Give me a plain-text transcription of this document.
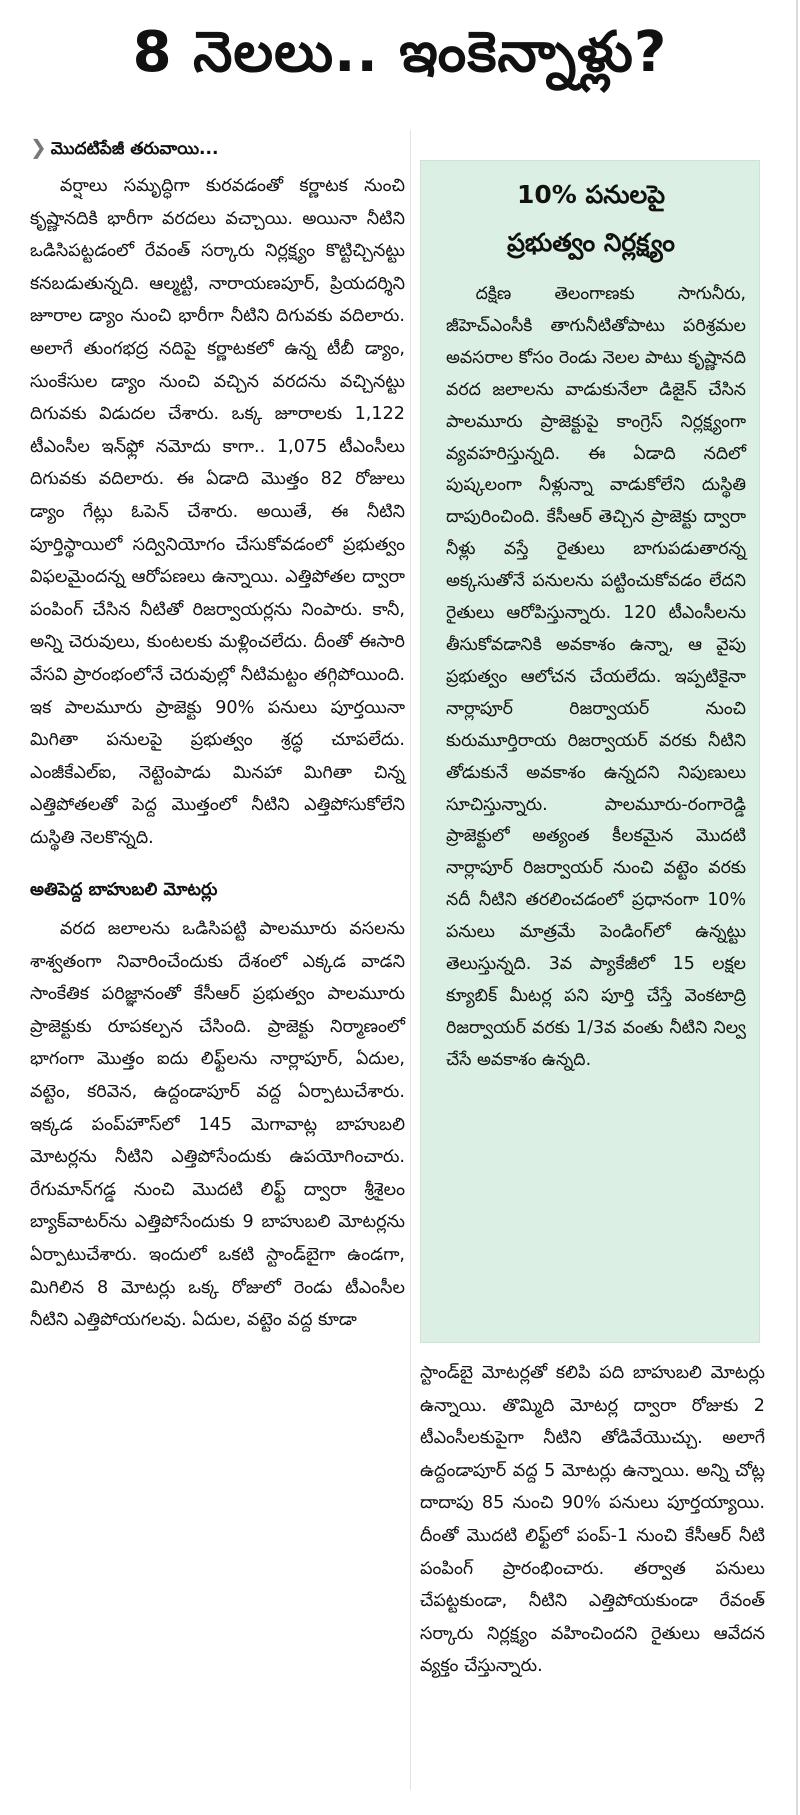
8 నెలలు.. ఇంకెన్నాళ్లు?
❯ మొదటిపేజీ తరువాయి...

వర్షాలు సమృద్ధిగా కురవడంతో కర్ణాటక నుంచి కృష్ణానదికి భారీగా వరదలు వచ్చాయి. అయినా నీటిని ఒడిసిపట్టడంలో రేవంత్ సర్కారు నిర్లక్ష్యం కొట్టిచ్చినట్టు కనబడుతున్నది. ఆల్మట్టి, నారాయణపూర్, ప్రియదర్శిని జూరాల డ్యాం నుంచి భారీగా నీటిని దిగువకు వదిలారు. అలాగే తుంగభద్ర నదిపై కర్ణాటకలో ఉన్న టీబీ డ్యాం, సుంకేసుల డ్యాం నుంచి వచ్చిన వరదను వచ్చినట్టు దిగువకు విడుదల చేశారు. ఒక్క జూరాలకు 1,122 టీఎంసీల ఇన్‌ఫ్లో నమోదు కాగా.. 1,075 టీఎంసీలు దిగువకు వదిలారు. ఈ ఏడాది మొత్తం 82 రోజులు డ్యాం గేట్లు ఓపెన్ చేశారు. అయితే, ఈ నీటిని పూర్తిస్థాయిలో సద్వినియోగం చేసుకోవడంలో ప్రభుత్వం విఫలమైందన్న ఆరోపణలు ఉన్నాయి. ఎత్తిపోతల ద్వారా పంపింగ్ చేసిన నీటితో రిజర్వాయర్లను నింపారు. కానీ, అన్ని చెరువులు, కుంటలకు మళ్లించలేదు. దీంతో ఈసారి వేసవి ప్రారంభంలోనే చెరువుల్లో నీటిమట్టం తగ్గిపోయింది. ఇక పాలమూరు ప్రాజెక్టు 90% పనులు పూర్తయినా మిగితా పనులపై ప్రభుత్వం శ్రద్ధ చూపలేదు. ఎంజీకేఎల్ఐ, నెట్టెంపాడు మినహా మిగితా చిన్న ఎత్తిపోతలతో పెద్ద మొత్తంలో నీటిని ఎత్తిపోసుకోలేని దుస్థితి నెలకొన్నది.

అతిపెద్ద బాహుబలి మోటర్లు

వరద జలాలను ఒడిసిపట్టి పాలమూరు వసలను శాశ్వతంగా నివారించేందుకు దేశంలో ఎక్కడ వాడని సాంకేతిక పరిజ్ఞానంతో కేసీఆర్ ప్రభుత్వం పాలమూరు ప్రాజెక్టుకు రూపకల్పన చేసింది. ప్రాజెక్టు నిర్మాణంలో భాగంగా మొత్తం ఐదు లిఫ్ట్‌లను నార్లాపూర్, ఏదుల, వట్టెం, కరివెన, ఉద్దండాపూర్ వద్ద ఏర్పాటుచేశారు. ఇక్కడ పంప్‌హౌస్‌లో 145 మెగావాట్ల బాహుబలి మోటర్లను నీటిని ఎత్తిపోసేందుకు ఉపయోగించారు. రేగుమాన్‌గడ్డ నుంచి మొదటి లిఫ్ట్ ద్వారా శ్రీశైలం బ్యాక్‌వాటర్‌ను ఎత్తిపోసేందుకు 9 బాహుబలి మోటర్లను ఏర్పాటుచేశారు. ఇందులో ఒకటి స్టాండ్‌బైగా ఉండగా, మిగిలిన 8 మోటర్లు ఒక్క రోజులో రెండు టీఎంసీల నీటిని ఎత్తిపోయగలవు. ఏదుల, వట్టెం వద్ద కూడా

10% పనులపై
ప్రభుత్వం నిర్లక్ష్యం
దక్షిణ తెలంగాణకు సాగునీరు, జీహెచ్‌ఎంసీకి తాగునీటితోపాటు పరిశ్రమల అవసరాల కోసం రెండు నెలల పాటు కృష్ణానది వరద జలాలను వాడుకునేలా డిజైన్ చేసిన పాలమూరు ప్రాజెక్టుపై కాంగ్రెస్ నిర్లక్ష్యంగా వ్యవహరిస్తున్నది. ఈ ఏడాది నదిలో పుష్కలంగా నీళ్లున్నా వాడుకోలేని దుస్థితి దాపురించింది. కేసీఆర్ తెచ్చిన ప్రాజెక్టు ద్వారా నీళ్లు వస్తే రైతులు బాగుపడుతారన్న అక్కసుతోనే పనులను పట్టించుకోవడం లేదని రైతులు ఆరోపిస్తున్నారు. 120 టీఎంసీలను తీసుకోవడానికి అవకాశం ఉన్నా, ఆ వైపు ప్రభుత్వం ఆలోచన చేయలేదు. ఇప్పటికైనా నార్లాపూర్ రిజర్వాయర్ నుంచి కురుమూర్తిరాయ రిజర్వాయర్ వరకు నీటిని తోడుకునే అవకాశం ఉన్నదని నిపుణులు సూచిస్తున్నారు. పాలమూరు-రంగారెడ్డి ప్రాజెక్టులో అత్యంత కీలకమైన మొదటి నార్లాపూర్ రిజర్వాయర్ నుంచి వట్టెం వరకు నదీ నీటిని తరలించడంలో ప్రధానంగా 10% పనులు మాత్రమే పెండింగ్‌లో ఉన్నట్టు తెలుస్తున్నది. 3వ ప్యాకేజీలో 15 లక్షల క్యూబిక్ మీటర్ల పని పూర్తి చేస్తే వెంకటాద్రి రిజర్వాయర్ వరకు 1/3వ వంతు నీటిని నిల్వ చేసే అవకాశం ఉన్నది.

స్టాండ్‌బై మోటర్లతో కలిపి పది బాహుబలి మోటర్లు ఉన్నాయి. తొమ్మిది మోటర్ల ద్వారా రోజుకు 2 టీఎంసీలకుపైగా నీటిని తోడివేయొచ్చు. అలాగే ఉద్దండాపూర్ వద్ద 5 మోటర్లు ఉన్నాయి. అన్ని చోట్ల దాదాపు 85 నుంచి 90% పనులు పూర్తయ్యాయి. దీంతో మొదటి లిఫ్ట్‌లో పంప్-1 నుంచి కేసీఆర్ నీటి పంపింగ్ ప్రారంభించారు. తర్వాత పనులు చేపట్టకుండా, నీటిని ఎత్తిపోయకుండా రేవంత్ సర్కారు నిర్లక్ష్యం వహించిందని రైతులు ఆవేదన వ్యక్తం చేస్తున్నారు.
